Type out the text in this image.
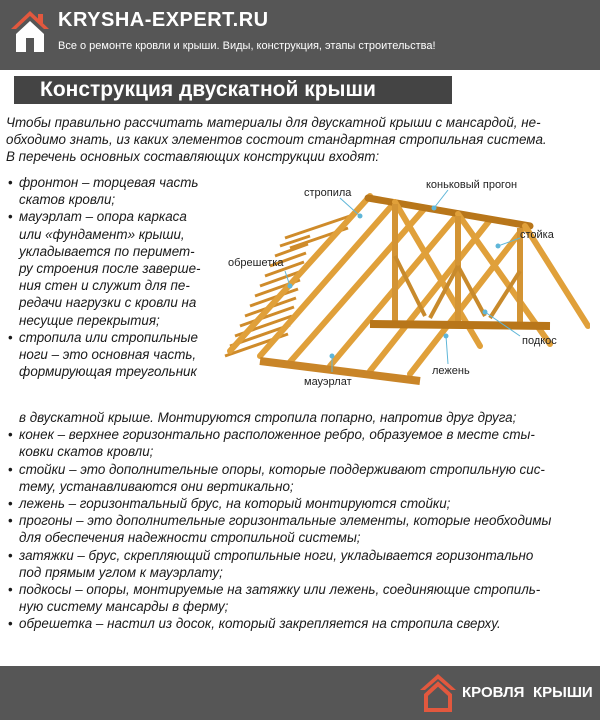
KRYSHA-EXPERT.RU
Все о ремонте кровли и крыши. Виды, конструкция, этапы строительства!
Конструкция двускатной крыши
Чтобы правильно рассчитать материалы для двускатной крыши с мансардой, не-
обходимо знать, из каких элементов состоит стандартная стропильная система.
В перечень основных составляющих конструкции входят:
• фронтон – торцевая часть
скатов кровли;
• мауэрлат – опора каркаса
или «фундамент» крыши,
укладывается по перимет-
ру строения после заверше-
ния стен и служит для пе-
редачи нагрузки с кровли на
несущие перекрытия;
• стропила или стропильные
ноги – это основная часть,
формирующая треугольник
стропила
коньковый прогон
стойка
обрешетка
подкос
лежень
мауэрлат
в двускатной крыше. Монтируются стропила попарно, напротив друг друга;
• конек – верхнее горизонтально расположенное ребро, образуемое в месте сты-
ковки скатов кровли;
• стойки – это дополнительные опоры, которые поддерживают стропильную сис-
тему, устанавливаются они вертикально;
• лежень – горизонтальный брус, на который монтируются стойки;
• прогоны – это дополнительные горизонтальные элементы, которые необходимы
для обеспечения надежности стропильной системы;
• затяжки – брус, скрепляющий стропильные ноги, укладывается горизонтально
под прямым углом к мауэрлату;
• подкосы – опоры, монтируемые на затяжку или лежень, соединяющие стропиль-
ную систему мансарды в ферму;
• обрешетка – настил из досок, который закрепляется на стропила сверху.
КРОВЛЯ КРЫШИ
